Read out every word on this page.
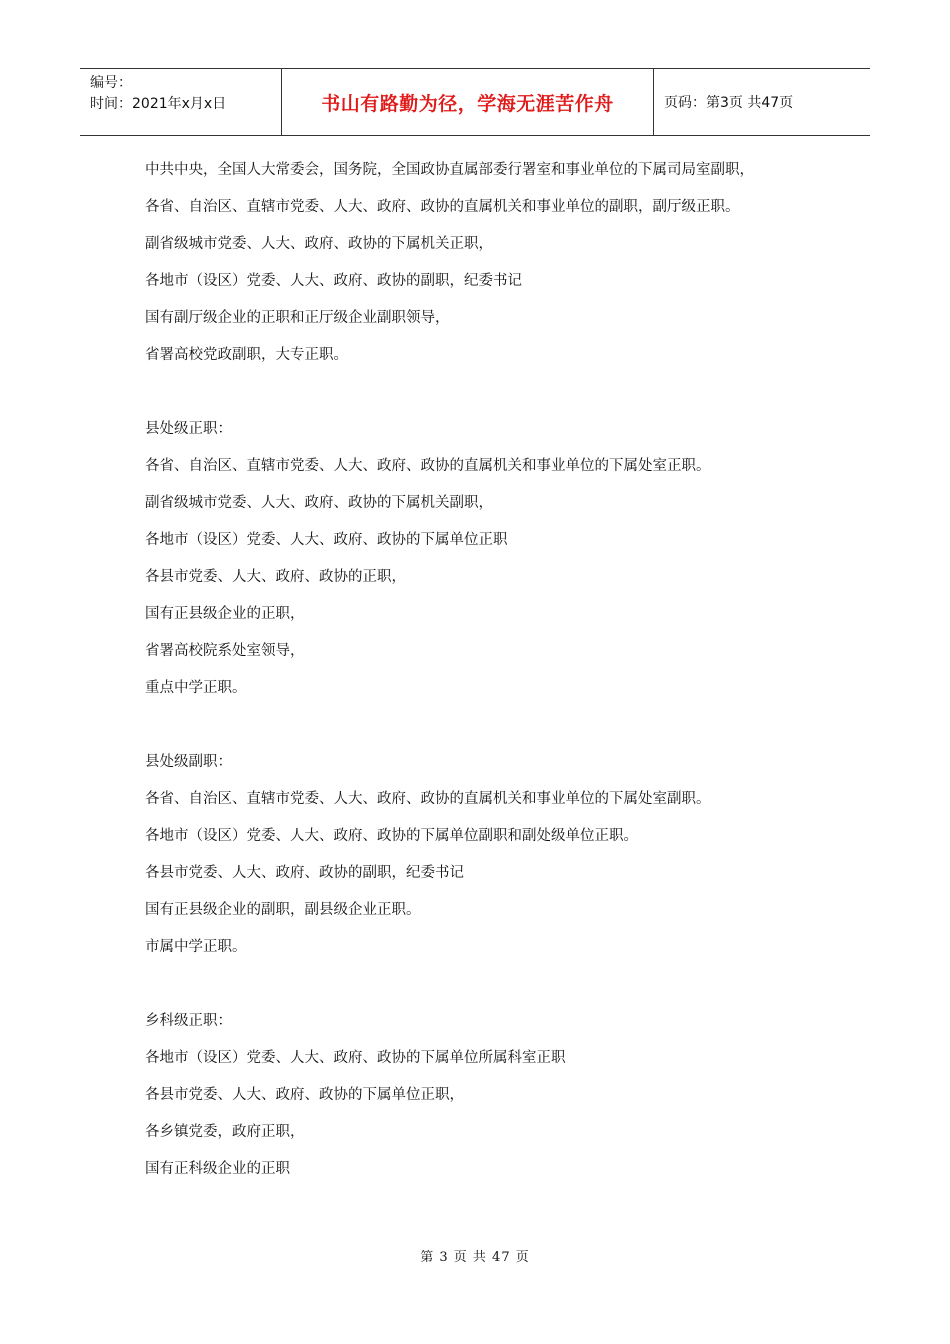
编号：
时间：2021年x月x日	书山有路勤为径，学海无涯苦作舟	页码：第3页 共47页

中共中央，全国人大常委会，国务院，全国政协直属部委行署室和事业单位的下属司局室副职，

各省、自治区、直辖市党委、人大、政府、政协的直属机关和事业单位的副职，副厅级正职。

副省级城市党委、人大、政府、政协的下属机关正职，

各地市（设区）党委、人大、政府、政协的副职，纪委书记

国有副厅级企业的正职和正厅级企业副职领导，

省署高校党政副职，大专正职。

县处级正职：

各省、自治区、直辖市党委、人大、政府、政协的直属机关和事业单位的下属处室正职。

副省级城市党委、人大、政府、政协的下属机关副职，

各地市（设区）党委、人大、政府、政协的下属单位正职

各县市党委、人大、政府、政协的正职，

国有正县级企业的正职，

省署高校院系处室领导，

重点中学正职。

县处级副职：

各省、自治区、直辖市党委、人大、政府、政协的直属机关和事业单位的下属处室副职。

各地市（设区）党委、人大、政府、政协的下属单位副职和副处级单位正职。

各县市党委、人大、政府、政协的副职，纪委书记

国有正县级企业的副职，副县级企业正职。

市属中学正职。

乡科级正职：

各地市（设区）党委、人大、政府、政协的下属单位所属科室正职

各县市党委、人大、政府、政协的下属单位正职，

各乡镇党委，政府正职，

国有正科级企业的正职

第 3 页 共 47 页
